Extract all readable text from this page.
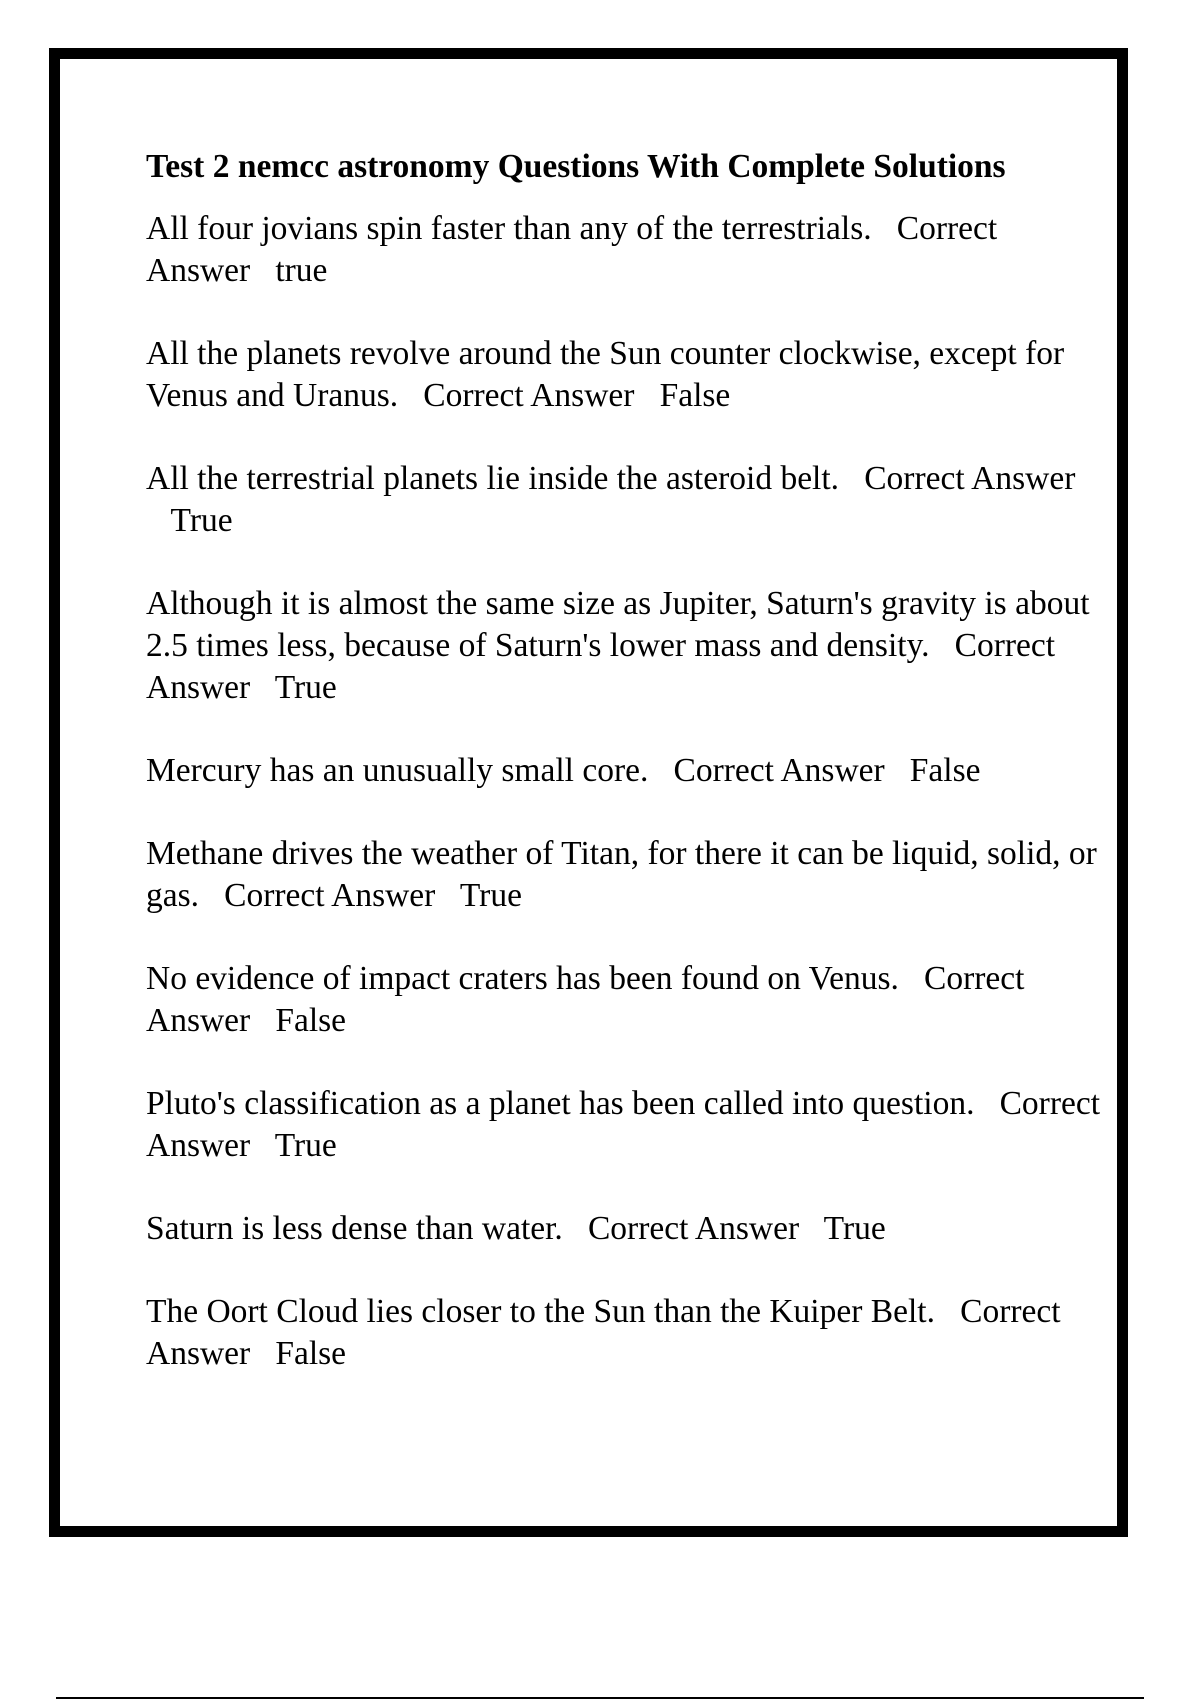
Test 2 nemcc astronomy Questions With Complete Solutions

All four jovians spin faster than any of the terrestrials. Correct Answer true

All the planets revolve around the Sun counter clockwise, except for Venus and Uranus. Correct Answer False

All the terrestrial planets lie inside the asteroid belt. Correct Answer   True

Although it is almost the same size as Jupiter, Saturn's gravity is about 2.5 times less, because of Saturn's lower mass and density. Correct Answer True

Mercury has an unusually small core. Correct Answer False

Methane drives the weather of Titan, for there it can be liquid, solid, or gas. Correct Answer True

No evidence of impact craters has been found on Venus. Correct Answer False

Pluto's classification as a planet has been called into question. Correct Answer True

Saturn is less dense than water. Correct Answer True

The Oort Cloud lies closer to the Sun than the Kuiper Belt. Correct Answer False
